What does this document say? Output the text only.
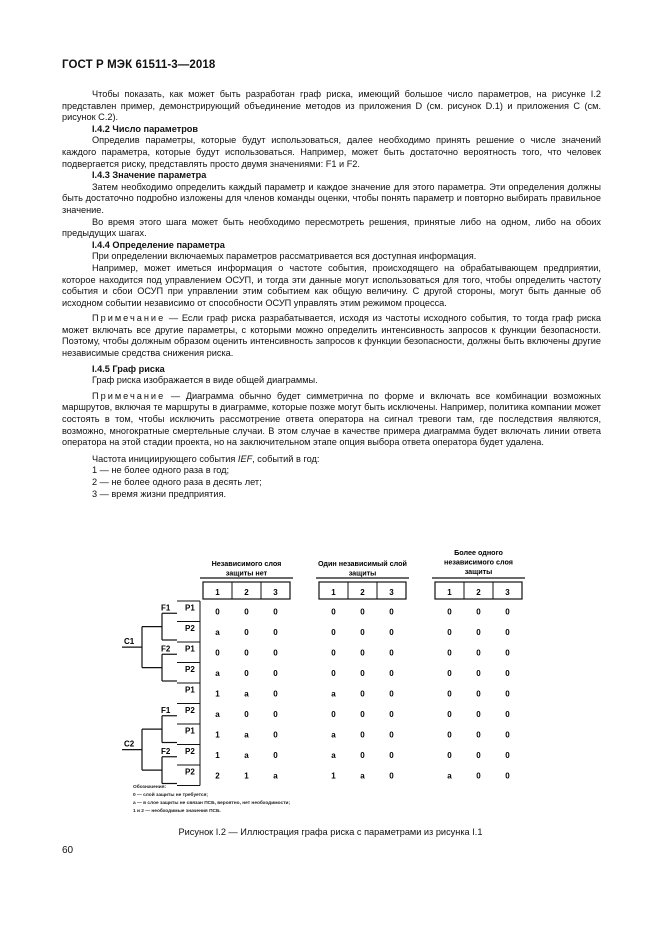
ГОСТ Р МЭК 61511-3—2018

Чтобы показать, как может быть разработан граф риска, имеющий большое число параметров, на рисунке I.2 представлен пример, демонстрирующий объединение методов из приложения D (см. рисунок D.1) и приложения C (см. рисунок C.2).

I.4.2 Число параметров

Определив параметры, которые будут использоваться, далее необходимо принять решение о числе значений каждого параметра, которые будут использоваться. Например, может быть достаточно вероятность того, что человек подвергается риску, представлять просто двумя значениями: F1 и F2.

I.4.3 Значение параметра

Затем необходимо определить каждый параметр и каждое значение для этого параметра. Эти определения должны быть достаточно подробно изложены для членов команды оценки, чтобы понять параметр и повторно выбирать правильное значение.

Во время этого шага может быть необходимо пересмотреть решения, принятые либо на одном, либо на обоих предыдущих шагах.

I.4.4 Определение параметра

При определении включаемых параметров рассматривается вся доступная информация.

Например, может иметься информация о частоте события, происходящего на обрабатывающем предприятии, которое находится под управлением ОСУП, и тогда эти данные могут использоваться для того, чтобы определить частоту события и сбои ОСУП при управлении этим событием как общую величину. С другой стороны, могут быть данные об исходном событии независимо от способности ОСУП управлять этим режимом процесса.

Примечание — Если граф риска разрабатывается, исходя из частоты исходного события, то тогда граф риска может включать все другие параметры, с которыми можно определить интенсивность запросов к функции безопасности. Поэтому, чтобы должным образом оценить интенсивность запросов к функции безопасности, должны быть включены другие независимые средства снижения риска.

I.4.5 Граф риска

Граф риска изображается в виде общей диаграммы.

Примечание — Диаграмма обычно будет симметрична по форме и включать все комбинации возможных маршрутов, включая те маршруты в диаграмме, которые позже могут быть исключены. Например, политика компании может состоять в том, чтобы исключить рассмотрение ответа оператора на сигнал тревоги там, где последствия являются, возможно, многократные смертельные случаи. В этом случае в качестве примера диаграмма будет включать линии ответа оператора на этой стадии проекта, но на заключительном этапе опция выбора ответа оператора будет удалена.

Частота инициирующего события IEF, событий в год:

1 — не более одного раза в год;

2 — не более одного раза в десять лет;

3 — время жизни предприятия.

Независимого слоя
защиты нет
1	2	3
Один независимый слой
защиты
1	2	3
Более одного
независимого слоя
защиты
1	2	3
0	0	0	0	0	0	0	0	0
a	0	0	0	0	0	0	0	0
0	0	0	0	0	0	0	0	0
a	0	0	0	0	0	0	0	0
1	a	0	a	0	0	0	0	0
a	0	0	0	0	0	0	0	0
1	a	0	a	0	0	0	0	0
1	a	0	a	0	0	0	0	0
2	1	a	1	a	0	a	0	0
P1
P2
P1
P2
P1
P2
P1
P2
P2
F1
F2
F1
F2
C1
C2
Обозначения:
0 — слой защиты не требуется;
a — в слое защиты не связан ПСБ, вероятно, нет необходимости;
1 и 2 — необходимые значения ПСБ.
Рисунок I.2 — Иллюстрация графа риска с параметрами из рисунка I.1
60
